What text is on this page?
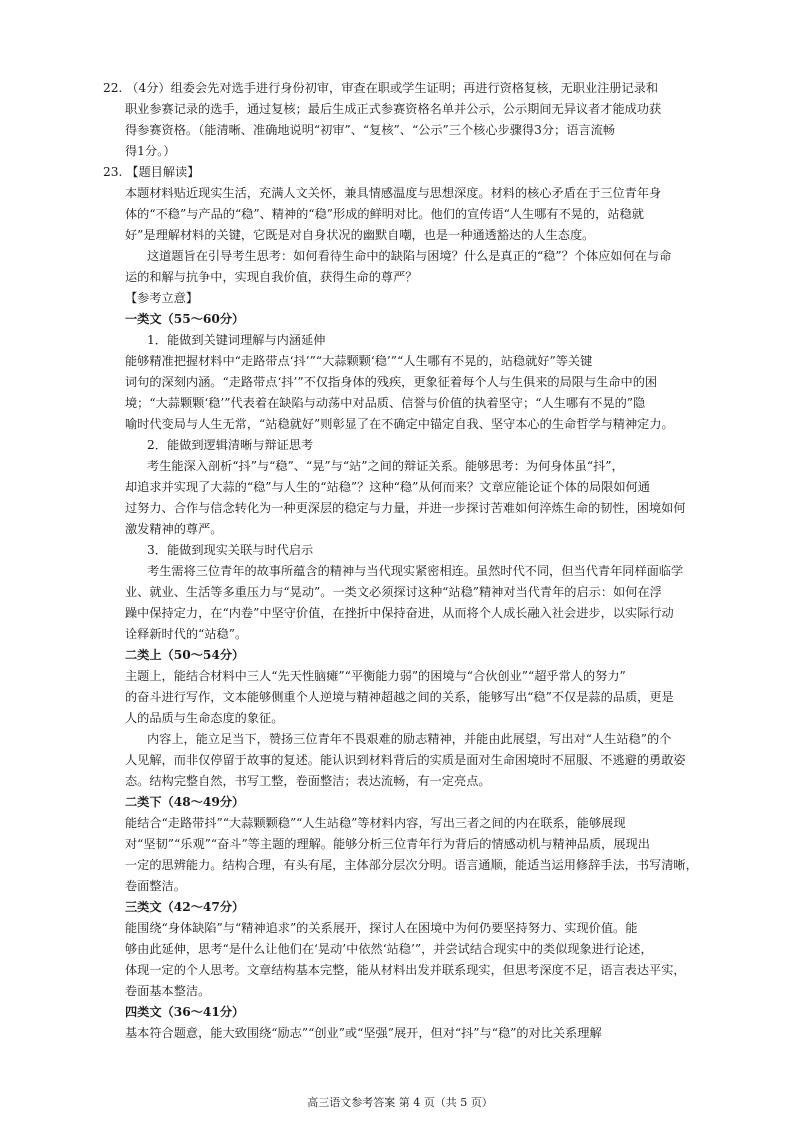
22. （4分）组委会先对选手进行身份初审，审查在职或学生证明；再进行资格复核，无职业注册记录和
职业参赛记录的选手，通过复核；最后生成正式参赛资格名单并公示，公示期间无异议者才能成功获
得参赛资格。（能清晰、准确地说明“初审”、“复核”、“公示”三个核心步骤得3分；语言流畅
得1分。）
23. 【题目解读】
本题材料贴近现实生活，充满人文关怀，兼具情感温度与思想深度。材料的核心矛盾在于三位青年身
体的“不稳”与产品的“稳”、精神的“稳”形成的鲜明对比。他们的宣传语“人生哪有不晃的，站稳就
好”是理解材料的关键，它既是对自身状况的幽默自嘲，也是一种通透豁达的人生态度。
这道题旨在引导考生思考：如何看待生命中的缺陷与困境？什么是真正的“稳”？个体应如何在与命
运的和解与抗争中，实现自我价值，获得生命的尊严？
【参考立意】
一类文（55～60分）
1．能做到关键词理解与内涵延伸
能够精准把握材料中“走路带点‘抖’”“大蒜颗颗‘稳’”“人生哪有不晃的，站稳就好”等关键
词句的深刻内涵。“走路带点‘抖’”不仅指身体的残疾，更象征着每个人与生俱来的局限与生命中的困
境；“大蒜颗颗‘稳’”代表着在缺陷与动荡中对品质、信誉与价值的执着坚守；“人生哪有不晃的”隐
喻时代变局与人生无常，“站稳就好”则彰显了在不确定中锚定自我、坚守本心的生命哲学与精神定力。
2．能做到逻辑清晰与辩证思考
考生能深入剖析“抖”与“稳”、“晃”与“站”之间的辩证关系。能够思考：为何身体虽“抖”，
却追求并实现了大蒜的“稳”与人生的“站稳”？这种“稳”从何而来？文章应能论证个体的局限如何通
过努力、合作与信念转化为一种更深层的稳定与力量，并进一步探讨苦难如何淬炼生命的韧性，困境如何
激发精神的尊严。
3．能做到现实关联与时代启示
考生需将三位青年的故事所蕴含的精神与当代现实紧密相连。虽然时代不同，但当代青年同样面临学
业、就业、生活等多重压力与“晃动”。一类文必须探讨这种“站稳”精神对当代青年的启示：如何在浮
躁中保持定力，在“内卷”中坚守价值，在挫折中保持奋进，从而将个人成长融入社会进步，以实际行动
诠释新时代的“站稳”。
二类上（50～54分）
主题上，能结合材料中三人“先天性脑瘫”“平衡能力弱”的困境与“合伙创业”“超乎常人的努力”
的奋斗进行写作，文本能够侧重个人逆境与精神超越之间的关系，能够写出“稳”不仅是蒜的品质，更是
人的品质与生命态度的象征。
内容上，能立足当下，赞扬三位青年不畏艰难的励志精神，并能由此展望，写出对“人生站稳”的个
人见解，而非仅停留于故事的复述。能认识到材料背后的实质是面对生命困境时不屈服、不逃避的勇敢姿
态。结构完整自然，书写工整，卷面整洁；表达流畅，有一定亮点。
二类下（48～49分）
能结合“走路带抖”“大蒜颗颗稳”“人生站稳”等材料内容，写出三者之间的内在联系，能够展现
对“坚韧”“乐观”“奋斗”等主题的理解。能够分析三位青年行为背后的情感动机与精神品质，展现出
一定的思辨能力。结构合理，有头有尾，主体部分层次分明。语言通顺，能适当运用修辞手法，书写清晰，
卷面整洁。
三类文（42～47分）
能围绕“身体缺陷”与“精神追求”的关系展开，探讨人在困境中为何仍要坚持努力、实现价值。能
够由此延伸，思考“是什么让他们在‘晃动’中依然‘站稳’”，并尝试结合现实中的类似现象进行论述，
体现一定的个人思考。文章结构基本完整，能从材料出发并联系现实，但思考深度不足，语言表达平实，
卷面基本整洁。
四类文（36～41分）
基本符合题意，能大致围绕“励志”“创业”或“坚强”展开，但对“抖”与“稳”的对比关系理解
高三语文参考答案 第 4 页（共 5 页）
